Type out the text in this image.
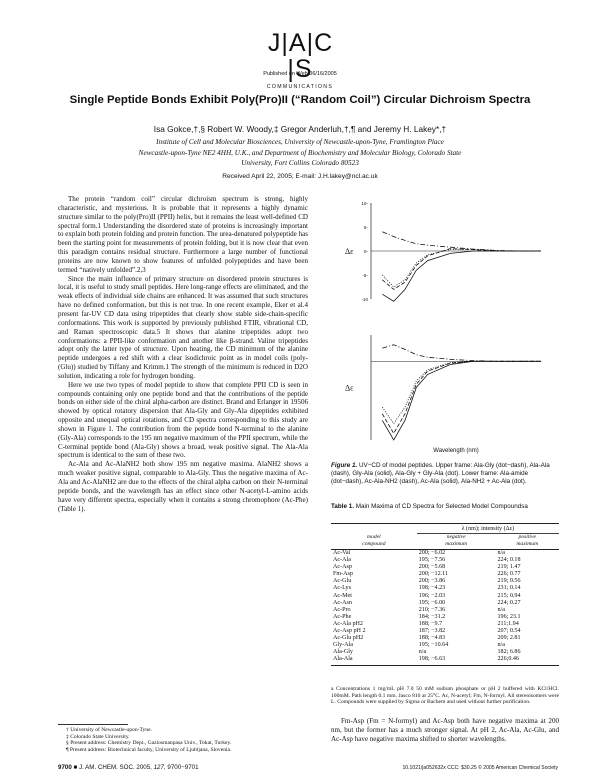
J|A|C|S
COMMUNICATIONS
Published on Web 06/16/2005
Single Peptide Bonds Exhibit Poly(Pro)II (“Random Coil”) Circular Dichroism Spectra
Isa Gokce,†,§ Robert W. Woody,‡ Gregor Anderluh,†,¶ and Jeremy H. Lakey*,†
Institute of Cell and Molecular Biosciences, University of Newcastle-upon-Tyne, Framlington Place
Newcastle-upon-Tyne NE2 4HH, U.K., and Department of Biochemistry and Molecular Biology, Colorado State
University, Fort Collins Colorado 80523
Received April 22, 2005; E-mail: J.H.lakey@ncl.ac.uk

The protein “random coil” circular dichroism spectrum is strong, highly characteristic, and mysterious. It is probable that it represents a highly dynamic structure similar to the poly(Pro)II (PPII) helix, but it remains the least well-defined CD spectral form.1 Understanding the disordered state of proteins is increasingly important to explain both protein folding and protein function. The urea-denatured polypeptide has been the starting point for measurements of protein folding, but it is now clear that even this paradigm contains residual structure. Furthermore a large number of functional proteins are now known to show features of unfolded polypeptides and have been termed “natively unfolded”.2,3

Since the main influence of primary structure on disordered protein structures is local, it is useful to study small peptides. Here long-range effects are eliminated, and the weak effects of individual side chains are enhanced. It was assumed that such structures have no defined conformation, but this is not true. In one recent example, Eker et al.4 present far-UV CD data using tripeptides that clearly show stable side-chain-specific conformations. This work is supported by previously published FTIR, vibrational CD, and Raman spectroscopic data.5 It shows that alanine tripeptides adopt two conformations: a PPII-like conformation and another like β-strand. Valine tripeptides adopt only the latter type of structure. Upon heating, the CD minimum of the alanine peptide undergoes a red shift with a clear isodichroic point as in model coils (poly-(Glu)) studied by Tiffany and Krimm.1 The strength of the minimum is reduced in D2O solution, indicating a role for hydrogen bonding.

Here we use two types of model peptide to show that complete PPII CD is seen in compounds containing only one peptide bond and that the contributions of the peptide bonds on either side of the chiral alpha-carbon are distinct. Brand and Erlanger in 19506 showed by optical rotatory dispersion that Ala-Gly and Gly-Ala dipeptides exhibited opposite and unequal optical rotations, and CD spectra corresponding to this study are shown in Figure 1. The contribution from the peptide bond N-terminal to the alanine (Gly-Ala) corresponds to the 195 nm negative maximum of the PPII spectrum, while the C-terminal peptide bond (Ala-Gly) shows a broad, weak positive signal. The Ala-Ala spectrum is identical to the sum of these two.

Ac-Ala and Ac-AlaNH2 both show 195 nm negative maxima. AlaNH2 shows a much weaker positive signal, comparable to Ala-Gly. Thus the negative maxima of Ac-Ala and Ac-AlaNH2 are due to the effects of the chiral alpha carbon on their N-terminal peptide bonds, and the wavelength has an effect since other N-acetyl-L-amino acids have very different spectra, especially when it contains a strong chromophore (Ac-Phe) (Table 1).

† University of Newcastle-upon-Tyne.
‡ Colorado State University.
§ Present address: Chemistry Dept., Gaziosmanpasa Univ., Tokat, Turkey.
¶ Present address: Biotechnical faculty, University of Ljubljana, Slovenia.
Δε
10-
5-
0-
-5-
-10
Δε
Wavelength (nm)
Figure 1. UV−CD of model peptides. Upper frame: Ala-Gly (dot−dash), Ala-Ala (dash), Gly-Ala (solid), Ala-Gly + Gly-Ala (dot). Lower frame: Ala-amide (dot−dash), Ac-Ala-NH2 (dash), Ac-Ala (solid), Ala-NH2 + Ac-Ala (dot).
Table 1. Main Maxima of CD Spectra for Selected Model Compoundsa
	λ (nm); intensity (Δε)	
model	negative	positive
compound	maximum	maximum
Ac-Val	200; −6.02	n/a
Ac-Ala	195; −7.56	224; 0.18
Ac-Asp	200; −5.68	219; 1.47
Fm-Asp	200; −12.11	226; 0.77
Ac-Glu	200; −3.86	219; 0.56
Ac-Lys	198; −4.23	231; 0.14
Ac-Met	196; −2.03	215; 0.94
Ac-Asn	195; −6.00	224; 0.27
Ac-Pro	210; −7.36	n/a
Ac-Phe	184; −31.2	196; 23.1
Ac-Ala pH2	188; −9.7	211;1.94
Ac-Asp pH 2	187; −3.82	207; 0.54
Ac-Glu pH2	188; −4.83	209; 2.81
Gly-Ala	195; −10.64	n/a
Ala-Gly	n/a	182; 6.86
Ala-Ala	198; −6.63	226;0.46
a Concentrations 1 mg/mL pH 7.0 50 mM sodium phosphate or pH 2 buffered with KCl/HCl. 100mM. Path length 0.1 mm. Jasco 810 at 25°C. Ac, N-acetyl; Fm, N-formyl. All stereoisomers were L. Compounds were supplied by Sigma or Bachem and used without further purification.

Fm-Asp (Fm = N-formyl) and Ac-Asp both have negative maxima at 200 nm, but the former has a much stronger signal. At pH 2, Ac-Ala, Ac-Glu, and Ac-Asp have negative maxima shifted to shorter wavelengths.

9700 ■ J. AM. CHEM. SOC. 2005, 127, 9700−9701	10.1021/ja052632x CCC: $30.25 © 2005 American Chemical Society
